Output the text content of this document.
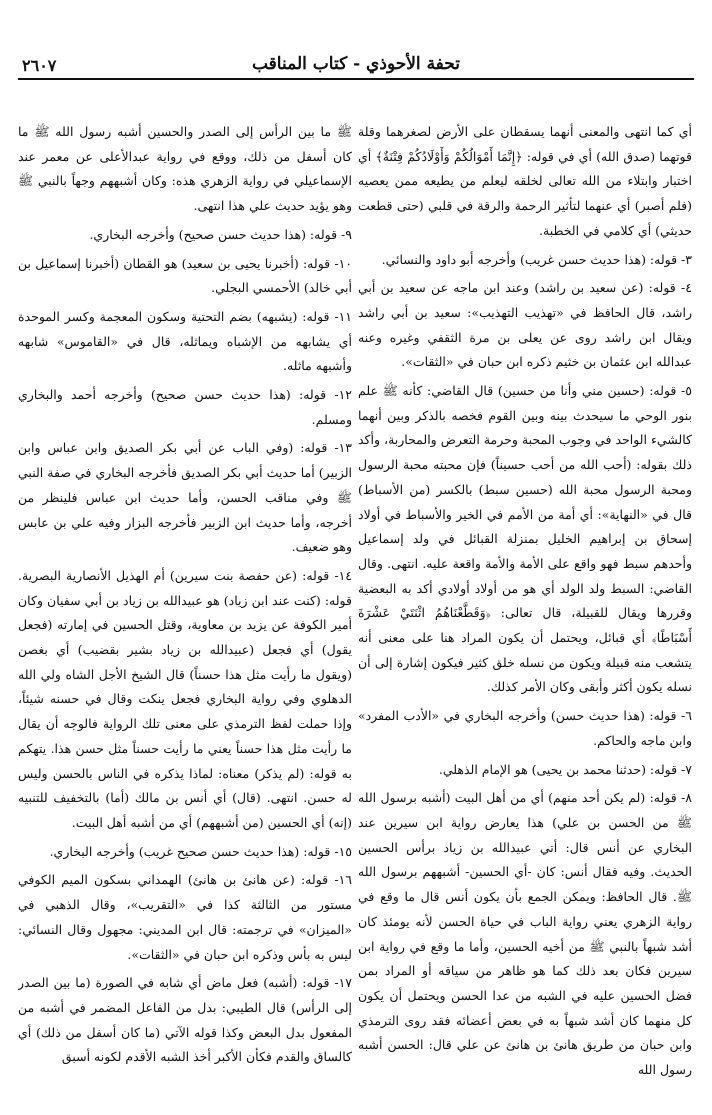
تحفة الأحوذي - كتاب المناقب
٢٦٠٧

أي كما انتهى والمعنى أنهما يسقطان على الأرض لصغرهما وقلة قوتهما (صدق الله) أي في قوله: ﴿إِنَّمَا أَمْوَالُكُمْ وَأَوْلَادُكُمْ فِتْنَةٌ﴾ أي اختبار وابتلاء من الله تعالى لخلقه ليعلم من يطيعه ممن يعصيه (فلم أصبر) أي عنهما لتأثير الرحمة والرقة في قلبي (حتى قطعت حديثي) أي كلامي في الخطبة.

٣- قوله: (هذا حديث حسن غريب) وأخرجه أبو داود والنسائي.

٤- قوله: (عن سعيد بن راشد) وعند ابن ماجه عن سعيد بن أبي راشد، قال الحافظ في «تهذيب التهذيب»: سعيد بن أبي راشد ويقال ابن راشد روى عن يعلى بن مرة الثقفي وغيره وعنه عبدالله ابن عثمان بن خثيم ذكره ابن حبان في «الثقات».

٥- قوله: (حسين مني وأنا من حسين) قال القاضي: كأنه ﷺ علم بنور الوحي ما سيحدث بينه وبين القوم فخصه بالذكر وبين أنهما كالشيء الواحد في وجوب المحبة وحرمة التعرض والمحاربة، وأكد ذلك بقوله: (أحب الله من أحب حسيناً) فإن محبته محبة الرسول ومحبة الرسول محبة الله (حسين سبط) بالكسر (من الأسباط) قال في «النهاية»: أي أمة من الأمم في الخير والأسباط في أولاد إسحاق بن إبراهيم الخليل بمنزلة القبائل في ولد إسماعيل وأحدهم سبط فهو واقع على الأمة والأمة واقعة عليه. انتهى. وقال القاضي: السبط ولد الولد أي هو من أولاد أولادي أكد به البعضية وقررها ويقال للقبيلة، قال تعالى: ﴿وَقَطَّعْنَاهُمُ اثْنَتَيْ عَشْرَةَ أَسْبَاطًا﴾ أي قبائل، ويحتمل أن يكون المراد هنا على معنى أنه يتشعب منه قبيلة ويكون من نسله خلق كثير فيكون إشارة إلى أن نسله يكون أكثر وأبقى وكان الأمر كذلك.

٦- قوله: (هذا حديث حسن) وأخرجه البخاري في «الأدب المفرد» وابن ماجه والحاكم.

٧- قوله: (حدثنا محمد بن يحيى) هو الإمام الذهلي.

٨- قوله: (لم يكن أحد منهم) أي من أهل البيت (أشبه برسول الله ﷺ من الحسن بن علي) هذا يعارض رواية ابن سيرين عند البخاري عن أنس قال: أتي عبيدالله بن زياد برأس الحسين الحديث. وفيه فقال أنس: كان -أي الحسين- أشبههم برسول الله ﷺ. قال الحافظ: ويمكن الجمع بأن يكون أنس قال ما وقع في رواية الزهري يعني رواية الباب في حياة الحسن لأنه يومئذ كان أشد شبهاً بالنبي ﷺ من أخيه الحسين، وأما ما وقع في رواية ابن سيرين فكان بعد ذلك كما هو ظاهر من سياقه أو المراد بمن فضل الحسين عليه في الشبه من عدا الحسن ويحتمل أن يكون كل منهما كان أشد شبهاً به في بعض أعضائه فقد روى الترمذي وابن حبان من طريق هانئ بن هانئ عن علي قال: الحسن أشبه رسول الله

ﷺ ما بين الرأس إلى الصدر والحسين أشبه رسول الله ﷺ ما كان أسفل من ذلك، ووقع في رواية عبدالأعلى عن معمر عند الإسماعيلي في رواية الزهري هذه: وكان أشبههم وجهاً بالنبي ﷺ وهو يؤيد حديث علي هذا انتهى.

٩- قوله: (هذا حديث حسن صحيح) وأخرجه البخاري.

١٠- قوله: (أخبرنا يحيى بن سعيد) هو القطان (أخبرنا إسماعيل بن أبي خالد) الأحمسي البجلي.

١١- قوله: (يشبهه) بضم التحتية وسكون المعجمة وكسر الموحدة أي يشابهه من الإشباه ويماثله، قال في «القاموس» شابهه وأشبهه ماثله.

١٢- قوله: (هذا حديث حسن صحيح) وأخرجه أحمد والبخاري ومسلم.

١٣- قوله: (وفي الباب عن أبي بكر الصديق وابن عباس وابن الزبير) أما حديث أبي بكر الصديق فأخرجه البخاري في صفة النبي ﷺ وفي مناقب الحسن، وأما حديث ابن عباس فلينظر من أخرجه، وأما حديث ابن الزبير فأخرجه البزار وفيه علي بن عابس وهو ضعيف.

١٤- قوله: (عن حفصة بنت سيرين) أم الهذيل الأنصارية البصرية. قوله: (كنت عند ابن زياد) هو عبيدالله بن زياد بن أبي سفيان وكان أمير الكوفة عن يزيد بن معاوية، وقتل الحسين في إمارته (فجعل يقول) أي فجعل (عبيدالله بن زياد بشير بقضيب) أي بغصن (ويقول ما رأيت مثل هذا حسناً) قال الشيخ الأجل الشاه ولي الله الدهلوي وفي رواية البخاري فجعل ينكت وقال في حسنه شيئاً، وإذا حملت لفظ الترمذي على معنى تلك الرواية فالوجه أن يقال ما رأيت مثل هذا حسناً يعني ما رأيت حسناً مثل حسن هذا. يتهكم به قوله: (لم يذكر) معناه: لماذا يذكره في الناس بالحسن وليس له حسن. انتهى. (قال) أي أنس بن مالك (أما) بالتخفيف للتنبيه (إنه) أي الحسين (من أشبههم) أي من أشبه أهل البيت.

١٥- قوله: (هذا حديث حسن صحيح غريب) وأخرجه البخاري.

١٦- قوله: (عن هانئ بن هانئ) الهمداني بسكون الميم الكوفي مستور من الثالثة كذا في «التقريب»، وقال الذهبي في «الميزان» في ترجمته: قال ابن المديني: مجهول وقال النسائي: ليس به بأس وذكره ابن حبان في «الثقات».

١٧- قوله: (أشبه) فعل ماض أي شابه في الصورة (ما بين الصدر إلى الرأس) قال الطيبي: بدل من الفاعل المضمر في أشبه من المفعول بدل البعض وكذا قوله الآتي (ما كان أسفل من ذلك) أي كالساق والقدم فكأن الأكبر أخذ الشبه الأقدم لكونه أسبق
